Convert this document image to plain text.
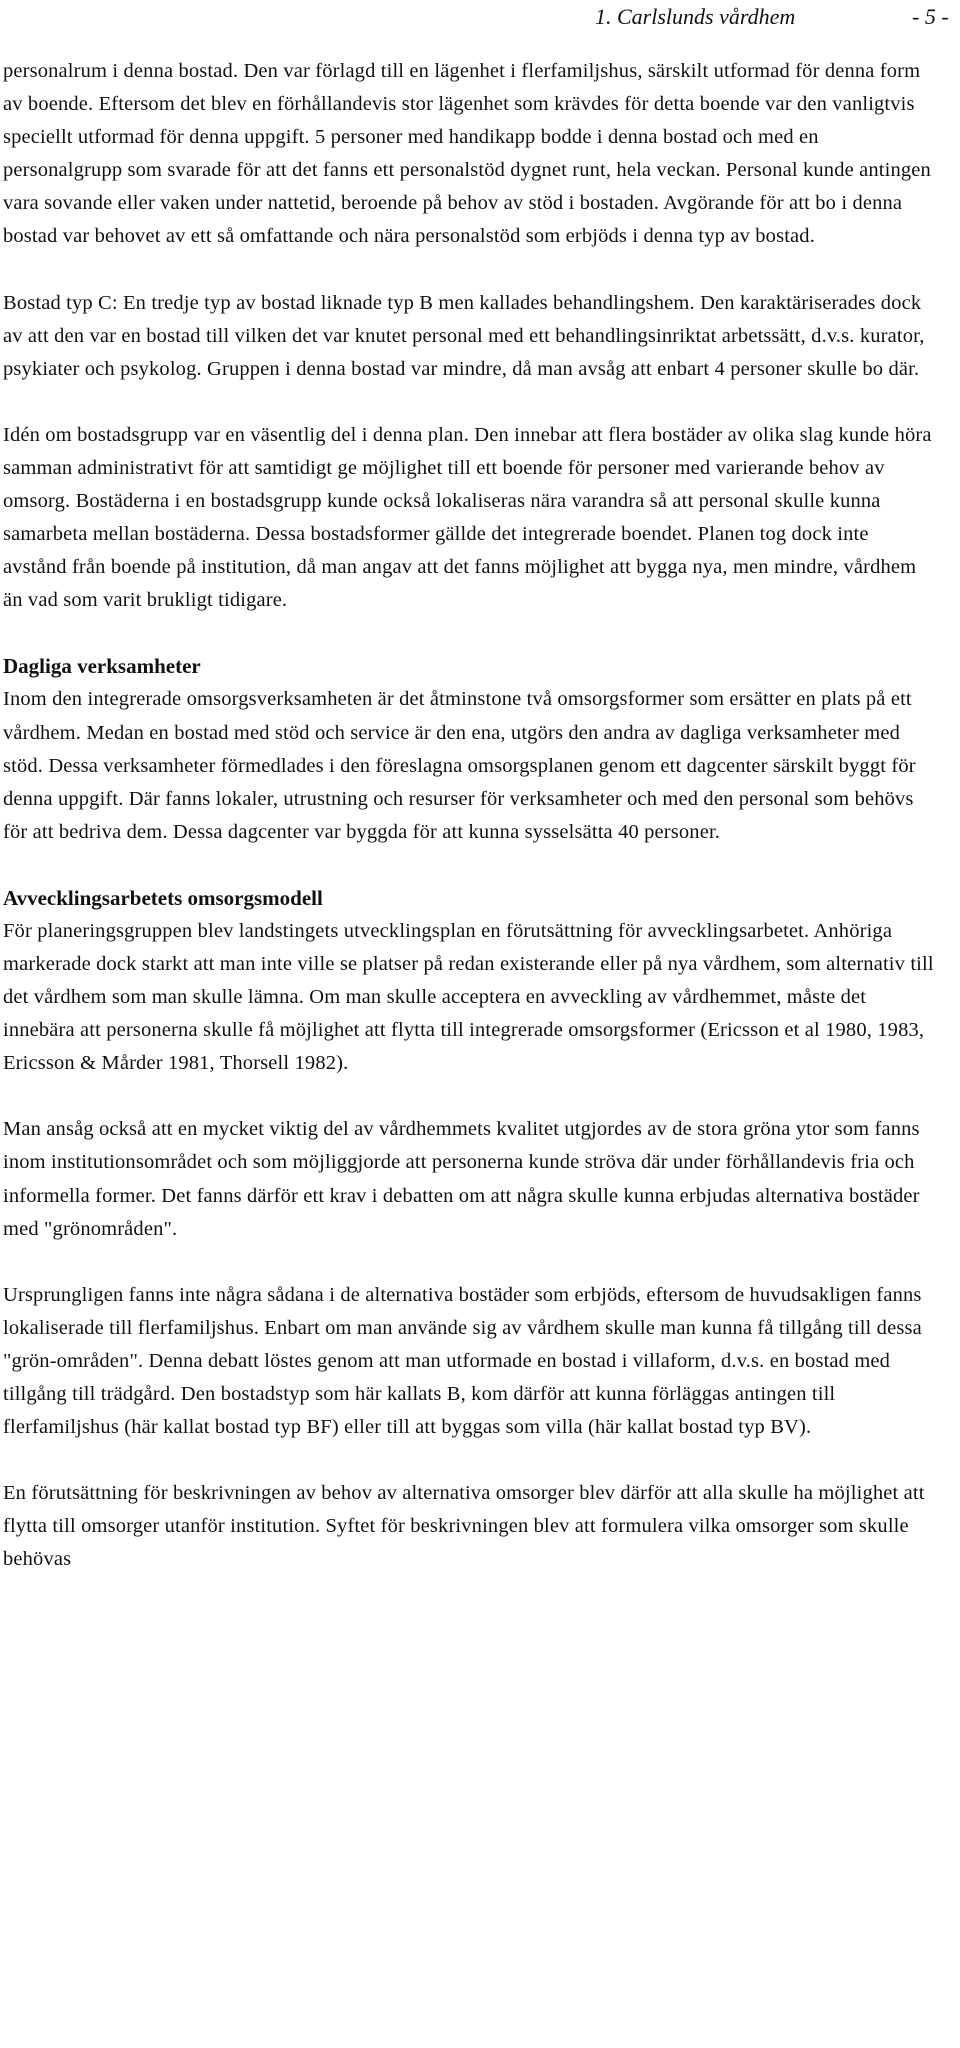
1. Carlslunds vårdhem	- 5 -

personalrum i denna bostad. Den var förlagd till en lägenhet i flerfamiljshus, särskilt utformad för denna form av boende. Eftersom det blev en förhållandevis stor lägenhet som krävdes för detta boende var den vanligtvis speciellt utformad för denna uppgift. 5 personer med handikapp bodde i denna bostad och med en personalgrupp som svarade för att det fanns ett personalstöd dygnet runt, hela veckan. Personal kunde antingen vara sovande eller vaken under nattetid, beroende på behov av stöd i bostaden. Avgörande för att bo i denna bostad var behovet av ett så omfattande och nära personalstöd som erbjöds i denna typ av bostad.

Bostad typ C: En tredje typ av bostad liknade typ B men kallades behandlingshem. Den karaktäriserades dock av att den var en bostad till vilken det var knutet personal med ett behandlingsinriktat arbetssätt, d.v.s. kurator, psykiater och psykolog. Gruppen i denna bostad var mindre, då man avsåg att enbart 4 personer skulle bo där.

Idén om bostadsgrupp var en väsentlig del i denna plan. Den innebar att flera bostäder av olika slag kunde höra samman administrativt för att samtidigt ge möjlighet till ett boende för personer med varierande behov av omsorg. Bostäderna i en bostadsgrupp kunde också lokaliseras nära varandra så att personal skulle kunna samarbeta mellan bostäderna. Dessa bostadsformer gällde det integrerade boendet. Planen tog dock inte avstånd från boende på institution, då man angav att det fanns möjlighet att bygga nya, men mindre, vårdhem än vad som varit brukligt tidigare.

Dagliga verksamheter

Inom den integrerade omsorgsverksamheten är det åtminstone två omsorgsformer som ersätter en plats på ett vårdhem. Medan en bostad med stöd och service är den ena, utgörs den andra av dagliga verksamheter med stöd. Dessa verksamheter förmedlades i den föreslagna omsorgsplanen genom ett dagcenter särskilt byggt för denna uppgift. Där fanns lokaler, utrustning och resurser för verksamheter och med den personal som behövs för att bedriva dem. Dessa dagcenter var byggda för att kunna sysselsätta 40 personer.

Avvecklingsarbetets omsorgsmodell

För planeringsgruppen blev landstingets utvecklingsplan en förutsättning för avvecklingsarbetet. Anhöriga markerade dock starkt att man inte ville se platser på redan existerande eller på nya vårdhem, som alternativ till det vårdhem som man skulle lämna. Om man skulle acceptera en avveckling av vårdhemmet, måste det innebära att personerna skulle få möjlighet att flytta till integrerade omsorgsformer (Ericsson et al 1980, 1983, Ericsson & Mårder 1981, Thorsell 1982).

Man ansåg också att en mycket viktig del av vårdhemmets kvalitet utgjordes av de stora gröna ytor som fanns inom institutionsområdet och som möjliggjorde att personerna kunde ströva där under förhållandevis fria och informella former. Det fanns därför ett krav i debatten om att några skulle kunna erbjudas alternativa bostäder med "grönområden".

Ursprungligen fanns inte några sådana i de alternativa bostäder som erbjöds, eftersom de huvudsakligen fanns lokaliserade till flerfamiljshus. Enbart om man använde sig av vårdhem skulle man kunna få tillgång till dessa "grön-områden". Denna debatt löstes genom att man utformade en bostad i villaform, d.v.s. en bostad med tillgång till trädgård. Den bostadstyp som här kallats B, kom därför att kunna förläggas antingen till flerfamiljshus (här kallat bostad typ BF) eller till att byggas som villa (här kallat bostad typ BV).

En förutsättning för beskrivningen av behov av alternativa omsorger blev därför att alla skulle ha möjlighet att flytta till omsorger utanför institution. Syftet för beskrivningen blev att formulera vilka omsorger som skulle behövas
